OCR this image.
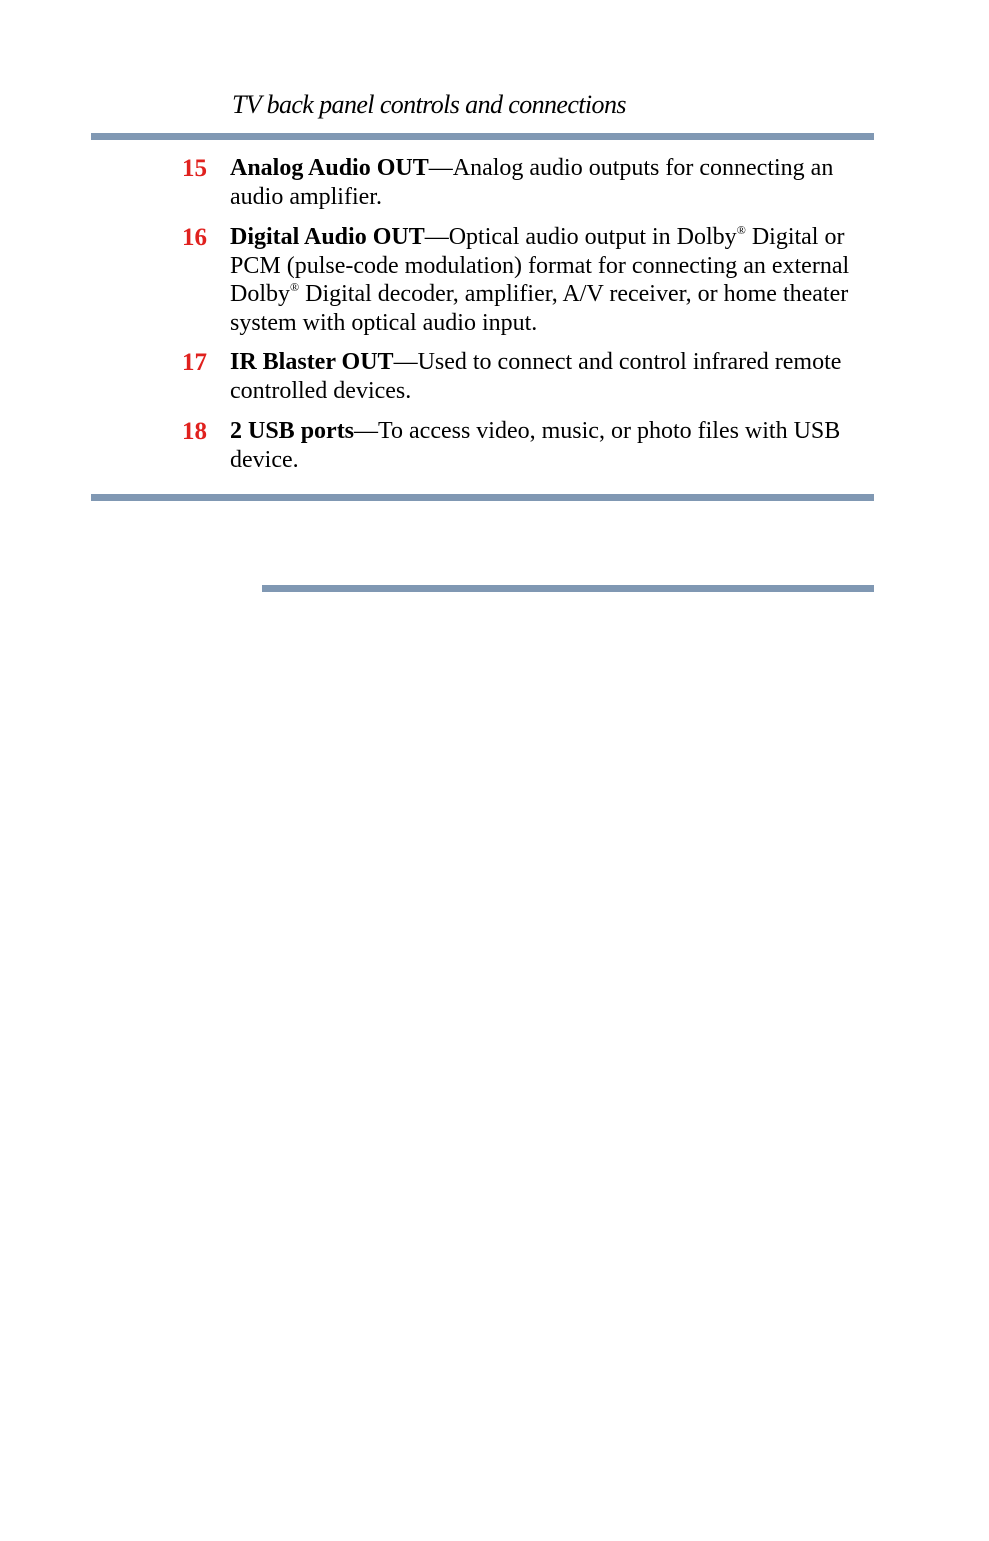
TV back panel controls and connections
15 Analog Audio OUT—Analog audio outputs for connecting an audio amplifier.
16 Digital Audio OUT—Optical audio output in Dolby® Digital or PCM (pulse-code modulation) format for connecting an external Dolby® Digital decoder, amplifier, A/V receiver, or home theater system with optical audio input.
17 IR Blaster OUT—Used to connect and control infrared remote controlled devices.
18 2 USB ports—To access video, music, or photo files with USB device.
